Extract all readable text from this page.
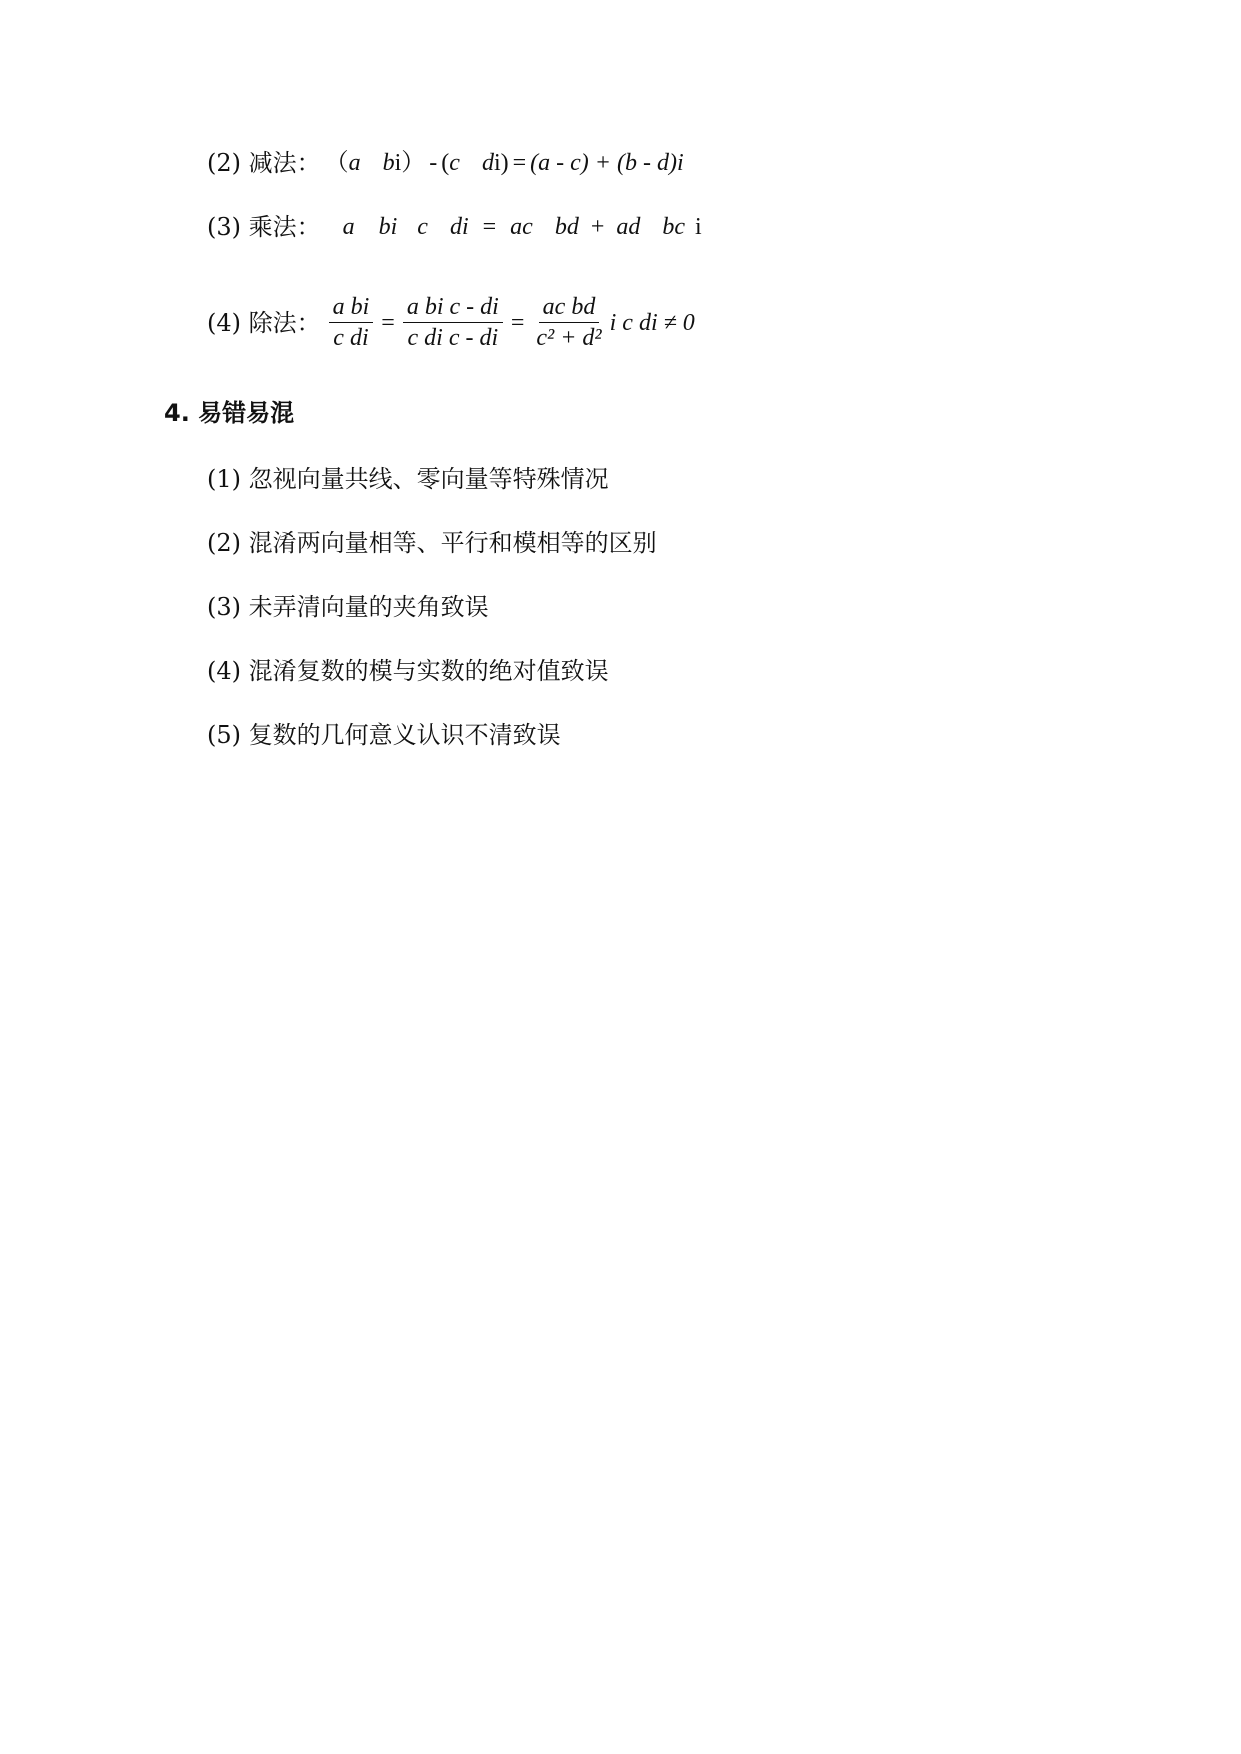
(2) 减法： （ a b i ） - ( c d i ) = (a - c) + (b - d)i
(3) 乘法： a bi c di = ac bd + ad bc i
(4) 除法： $\frac{\text{a bi}}{\text{c di}} = \frac{\text{a bi c - di}}{\text{c di c - di}} = \frac{\text{ac bd}}{\text{c² + d²}}$ i c di ≠ 0
4. 易错易混
(1) 忽视向量共线、零向量等特殊情况
(2) 混淆两向量相等、平行和模相等的区别
(3) 未弄清向量的夹角致误
(4) 混淆复数的模与实数的绝对值致误
(5) 复数的几何意义认识不清致误
